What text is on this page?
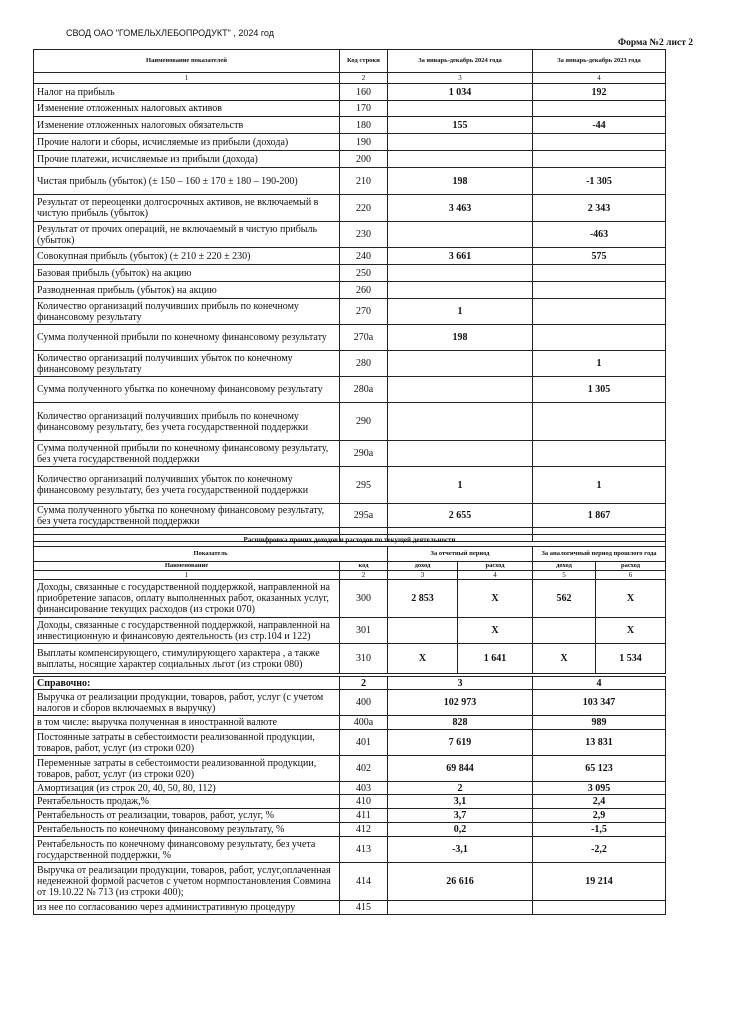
СВОД ОАО "ГОМЕЛЬХЛЕБОПРОДУКТ" , 2024 год
Форма №2 лист 2
Наименование показателей	Код строки	За январь-декабрь 2024 года	За январь-декабрь 2023 года
1	2	3	4
Налог на прибыль	160	1 034	192
Изменение отложенных налоговых активов	170		
Изменение отложенных налоговых обязательств	180	155	-44
Прочие налоги и сборы, исчисляемые из прибыли (дохода)	190		
Прочие платежи, исчисляемые из прибыли (дохода)	200		
Чистая прибыль (убыток) (± 150 – 160 ± 170 ± 180 – 190-200)	210	198	-1 305
Результат от переоценки долгосрочных активов, не включаемый в чистую прибыль (убыток)	220	3 463	2 343
Результат от прочих операций, не включаемый в чистую прибыль (убыток)	230		-463
Совокупная прибыль (убыток) (± 210 ± 220 ± 230)	240	3 661	575
Базовая прибыль (убыток) на акцию	250		
Разводненная прибыль (убыток) на акцию	260		
Количество организаций получивших прибыль по конечному финансовому результату	270	1	
Сумма полученной прибыли по конечному финансовому результату	270а	198	
Количество организаций получивших убыток по конечному финансовому результату	280		1
Сумма полученного убытка по конечному финансовому результату	280а		1 305
Количество организаций получивших прибыль по конечному финансовому результату, без учета государственной поддержки	290		
Сумма полученной прибыли по конечному финансовому результату, без учета государственной поддержки	290а		
Количество организаций получивших убыток по конечному финансовому результату, без учета государственной поддержки	295	1	1
Сумма полученного убытка по конечному финансовому результату, без учета государственной поддержки	295а	2 655	1 867

Расшифровка прочих доходов и расходов по текущей деятельности					
Показатель		За отчетный период		За аналогичный период прошлого года	
Наименование	код	доход	расход	доход	расход
1	2	3	4	5	6
Доходы, связанные с государственной поддержкой, направленной на приобретение запасов, оплату выполненных работ, оказанных услуг, финансирование текущих расходов (из строки 070)	300	2 853	X	562	X
Доходы, связанные с государственной поддержкой, направленной на инвестиционную и финансовую деятельность (из стр.104 и 122)	301		X		X
Выплаты компенсирующего, стимулирующего характера , а также выплаты, носящие характер социальных льгот (из строки 080)	310	X	1 641	X	1 534
Справочно:	2	3	4
Выручка от реализации продукции, товаров, работ, услуг (с учетом налогов и сборов включаемых в выручку)	400	102 973	103 347
в том числе: выручка полученная в иностранной валюте	400а	828	989
Постоянные затраты в себестоимости реализованной продукции, товаров, работ, услуг (из строки 020)	401	7 619	13 831
Переменные затраты в себестоимости реализованной продукции, товаров, работ, услуг (из строки 020)	402	69 844	65 123
Амортизация (из строк 20, 40, 50, 80, 112)	403	2	3 095
Рентабельность продаж,%	410	3,1	2,4
Рентабельность от реализации, товаров, работ, услуг, %	411	3,7	2,9
Рентабельность по конечному финансовому результату, %	412	0,2	-1,5
Рентабельность по конечному финансовому результату, без учета государственной поддержки, %	413	-3,1	-2,2
Выручка от реализации продукции, товаров, работ, услуг,оплаченная неденежной формой расчетов с учетом нормпостановления Совмина от 19.10.22 № 713 (из строки 400);	414	26 616	19 214
из нее по согласованию через административную процедуру	415		
